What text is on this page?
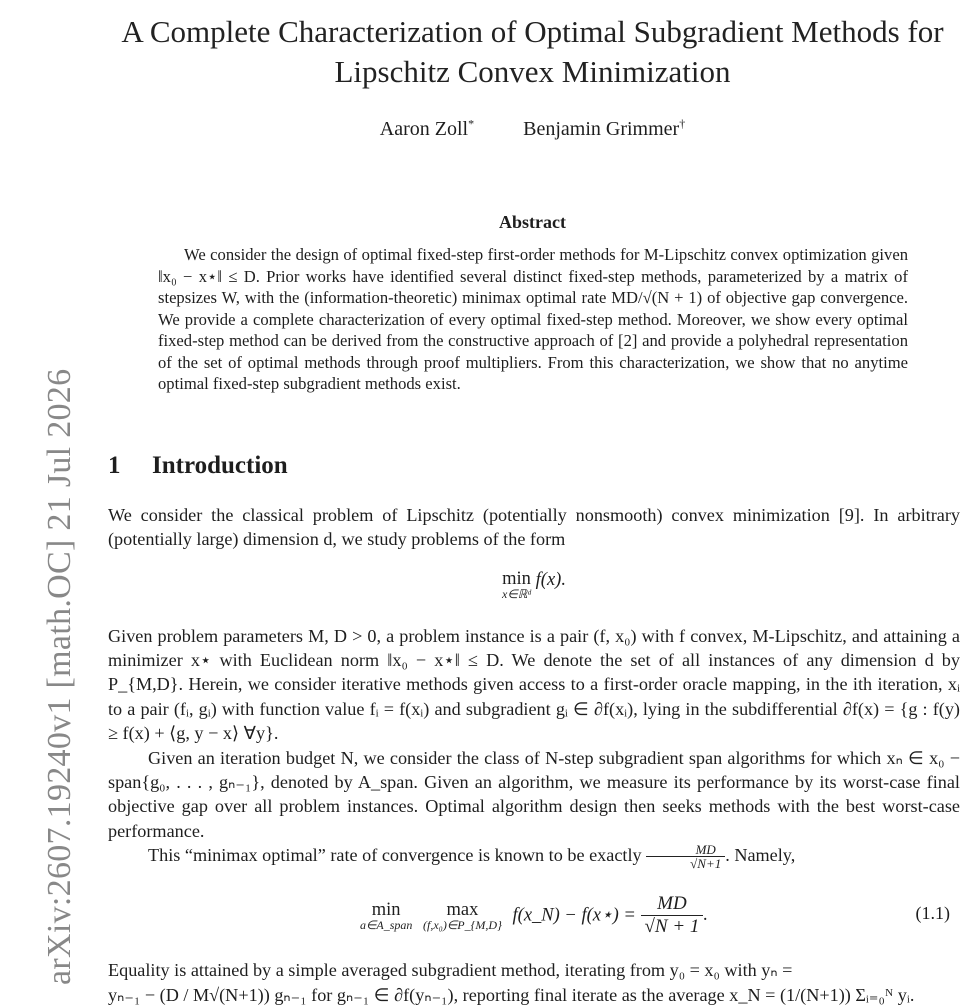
arXiv:2607.19240v1 [math.OC] 21 Jul 2026
A Complete Characterization of Optimal Subgradient Methods for
Lipschitz Convex Minimization
Aaron Zoll* Benjamin Grimmer†
Abstract

We consider the design of optimal fixed-step first-order methods for M-Lipschitz convex optimization given ‖x₀ − x⋆‖ ≤ D. Prior works have identified several distinct fixed-step methods, parameterized by a matrix of stepsizes W, with the (information-theoretic) minimax optimal rate MD/√(N + 1) of objective gap convergence. We provide a complete characterization of every optimal fixed-step method. Moreover, we show every optimal fixed-step method can be derived from the constructive approach of [2] and provide a polyhedral representation of the set of optimal methods through proof multipliers. From this characterization, we show that no anytime optimal fixed-step subgradient methods exist.

1 Introduction

We consider the classical problem of Lipschitz (potentially nonsmooth) convex minimization [9]. In arbitrary (potentially large) dimension d, we study problems of the form

min
x∈ℝᵈ
f(x).

Given problem parameters M, D > 0, a problem instance is a pair (f, x₀) with f convex, M-Lipschitz, and attaining a minimizer x⋆ with Euclidean norm ‖x₀ − x⋆‖ ≤ D. We denote the set of all instances of any dimension d by P_{M,D}. Herein, we consider iterative methods given access to a first-order oracle mapping, in the ith iteration, xᵢ to a pair (fᵢ, gᵢ) with function value fᵢ = f(xᵢ) and subgradient gᵢ ∈ ∂f(xᵢ), lying in the subdifferential ∂f(x) = {g : f(y) ≥ f(x) + ⟨g, y − x⟩ ∀y}.

Given an iteration budget N, we consider the class of N-step subgradient span algorithms for which xₙ ∈ x₀ − span{g₀, . . . , gₙ₋₁}, denoted by A_span. Given an algorithm, we measure its performance by its worst-case final objective gap over all problem instances. Optimal algorithm design then seeks methods with the best worst-case performance.

This “minimax optimal” rate of convergence is known to be exactly $\frac{MD}{√N+1}$ . Namely,

min
a∈A_span

max
(f,x₀)∈P_{M,D} f(x_N) − f(x⋆) = $\frac{MD}{√N + 1}$ .	(1.1)

Equality is attained by a simple averaged subgradient method, iterating from y₀ = x₀ with yₙ =

yₙ₋₁ − (D / M√(N+1)) gₙ₋₁ for gₙ₋₁ ∈ ∂f(yₙ₋₁), reporting final iterate as the average x_N = (1/(N+1)) Σᵢ₌₀ᴺ yᵢ.
